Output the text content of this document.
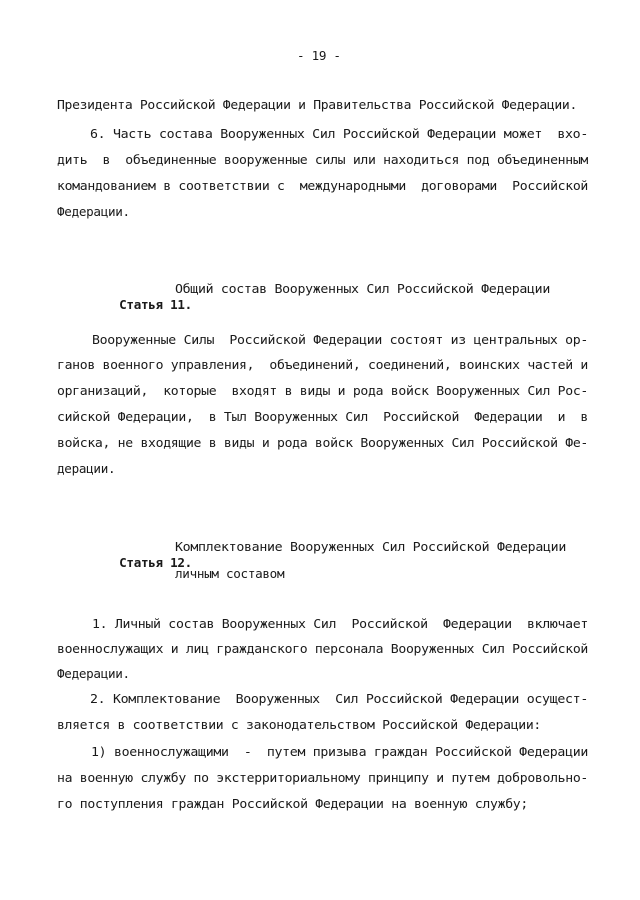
- 19 -
Президента Российской Федерации и Правительства Российской Федерации.
6. Часть состава Вооруженных Сил Российской Федерации может  вхо-
дить  в  объединенные вооруженные силы или находиться под объединенным
командованием в соответствии с  международными  договорами  Российской
Федерации.

Статья 11.

Общий состав Вооруженных Сил Российской Федерации
Вооруженные Силы  Российской Федерации состоят из центральных ор-
ганов военного управления,  объединений, соединений, воинских частей и
организаций,  которые  входят в виды и рода войск Вооруженных Сил Рос-
сийской Федерации,  в Тыл Вооруженных Сил  Российской  Федерации  и  в
войска, не входящие в виды и рода войск Вооруженных Сил Российской Фе-
дерации.

Статья 12.

Комплектование Вооруженных Сил Российской Федерации
личным составом
1. Личный состав Вооруженных Сил  Российской  Федерации  включает
военнослужащих и лиц гражданского персонала Вооруженных Сил Российской
Федерации.
2. Комплектование  Вооруженных  Сил Российской Федерации осущест-
вляется в соответствии с законодательством Российской Федерации:
1) военнослужащими  -  путем призыва граждан Российской Федерации
на военную службу по экстерриториальному принципу и путем добровольно-
го поступления граждан Российской Федерации на военную службу;
